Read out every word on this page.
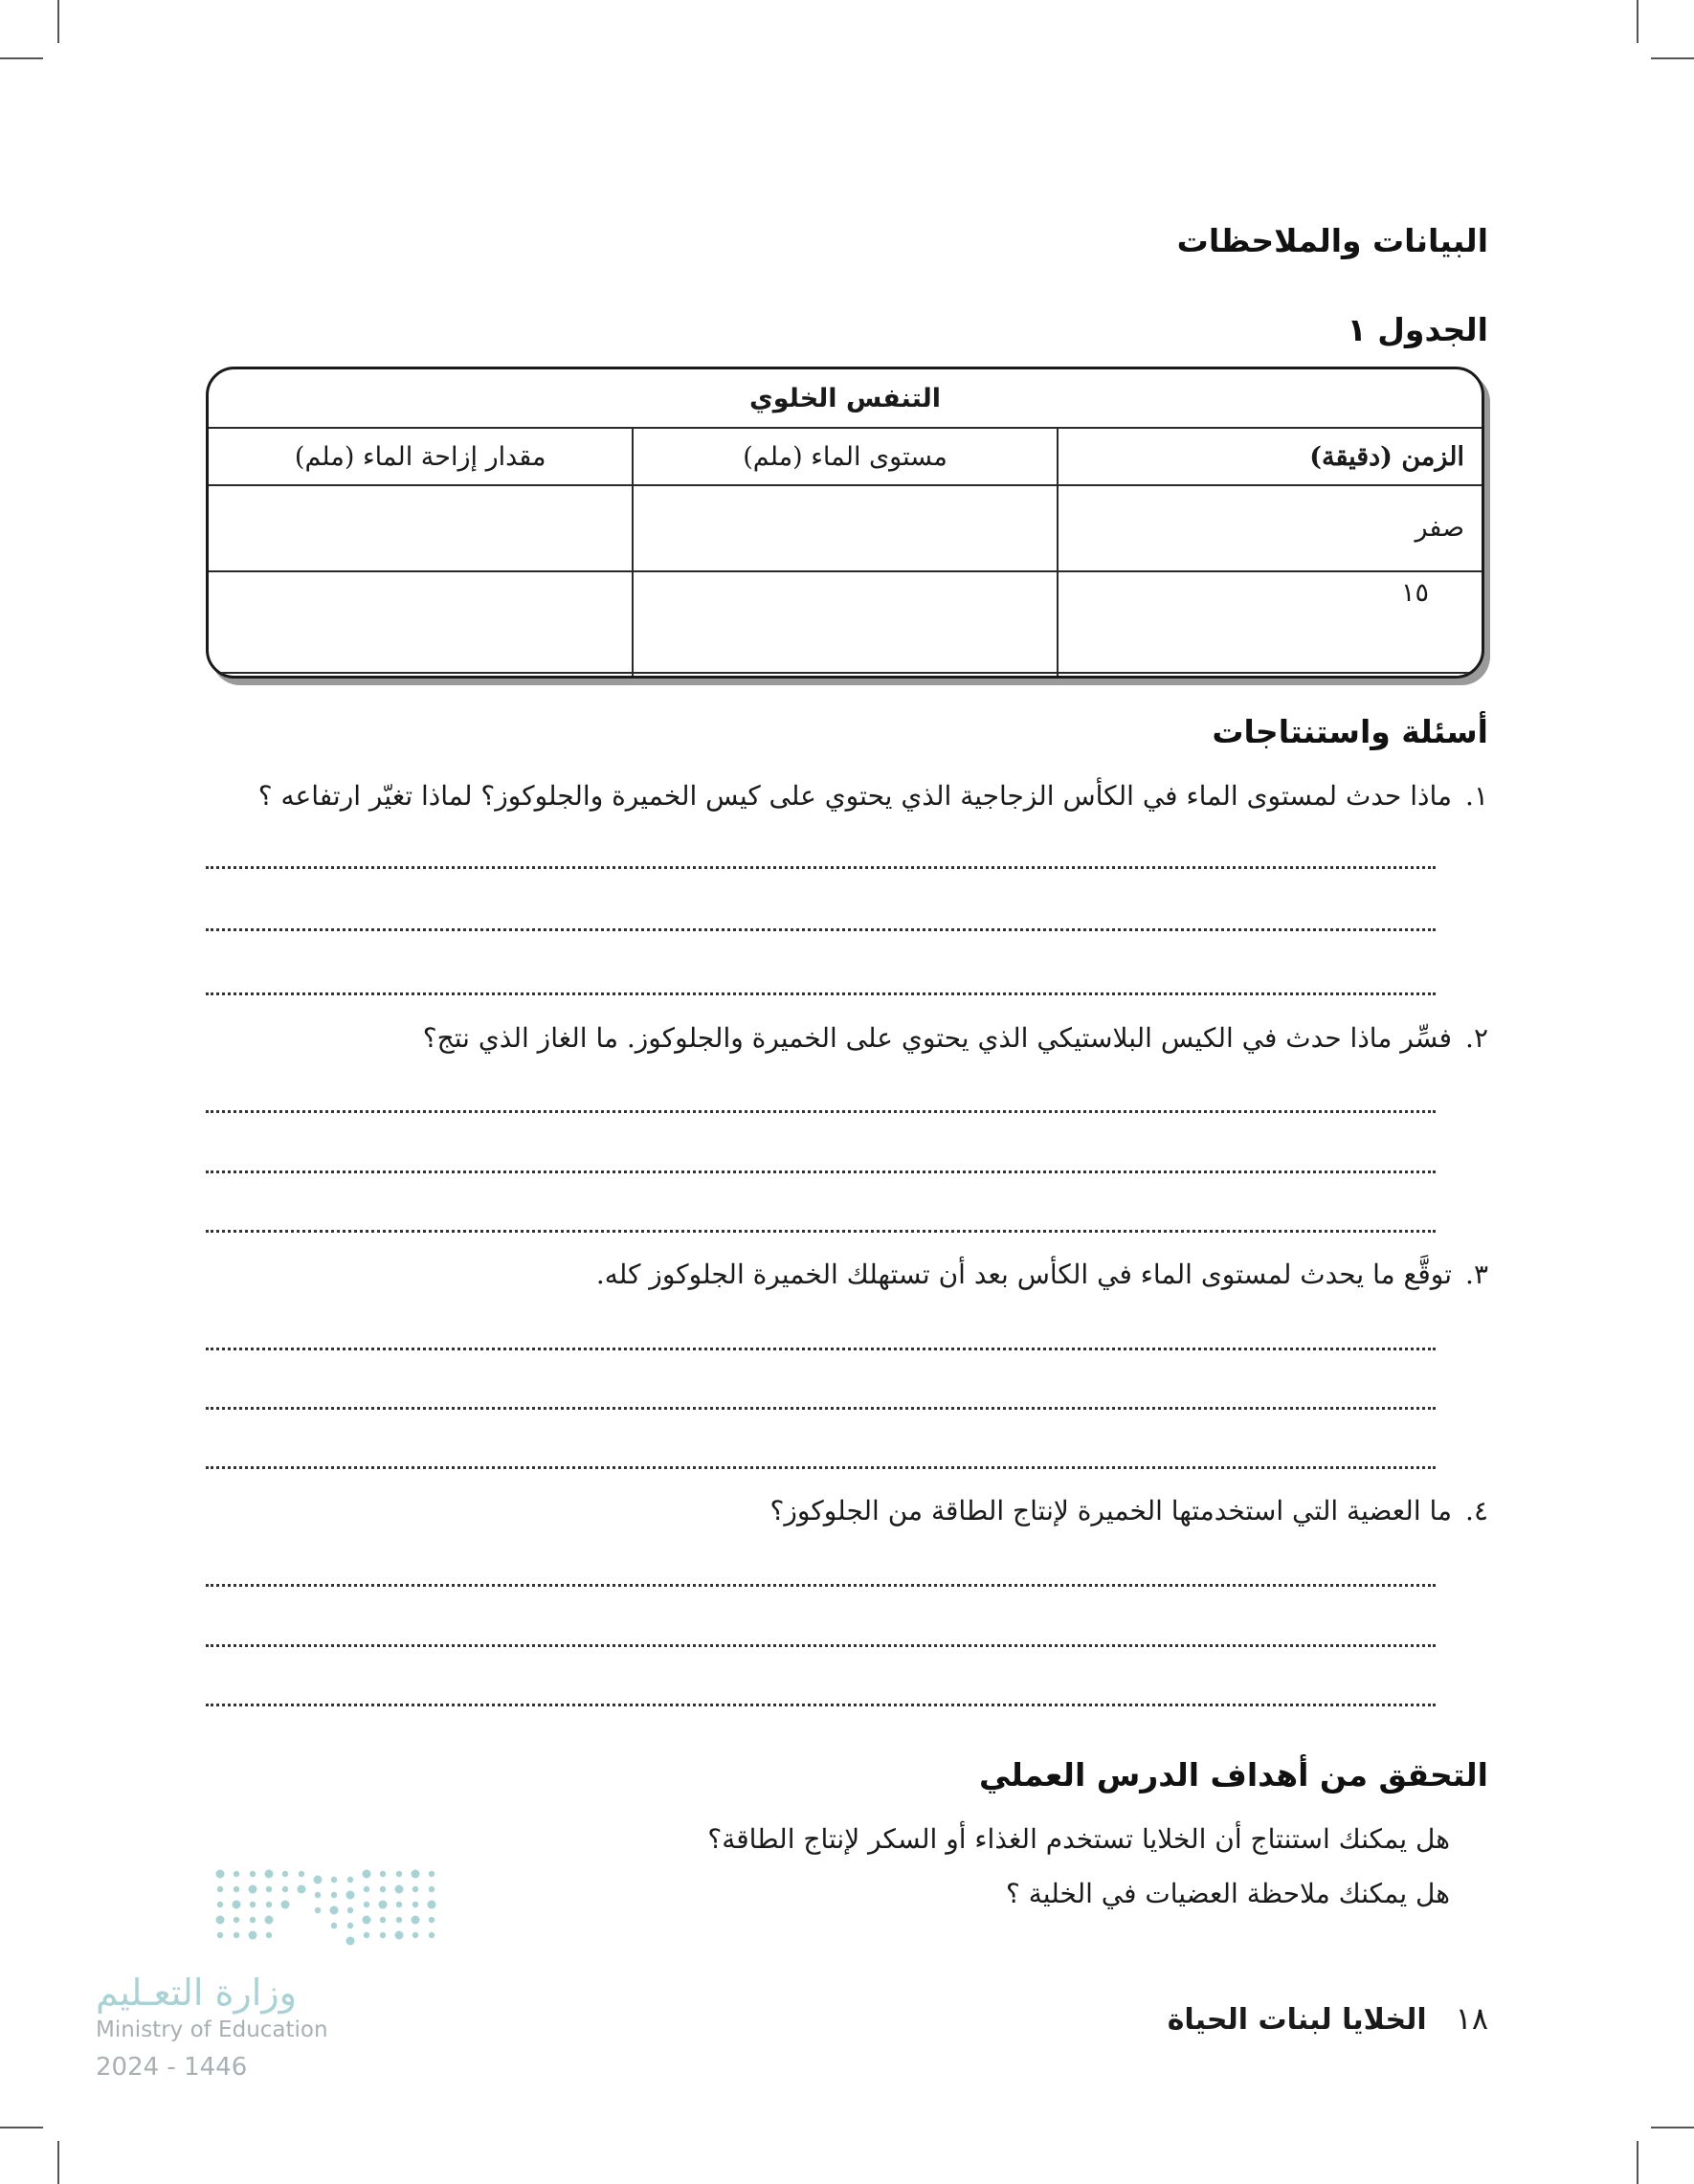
البيانات والملاحظات
الجدول ١
التنفس الخلوي		
الزمن (دقيقة)	مستوى الماء (ملم)	مقدار إزاحة الماء (ملم)
صفر		
١٥		

أسئلة واستنتاجات
١.ماذا حدث لمستوى الماء في الكأس الزجاجية الذي يحتوي على كيس الخميرة والجلوكوز؟ لماذا تغيّر ارتفاعه ؟
٢.فسِّر ماذا حدث في الكيس البلاستيكي الذي يحتوي على الخميرة والجلوكوز. ما الغاز الذي نتج؟
٣.توقَّع ما يحدث لمستوى الماء في الكأس بعد أن تستهلك الخميرة الجلوكوز كله.
٤.ما العضية التي استخدمتها الخميرة لإنتاج الطاقة من الجلوكوز؟
التحقق من أهداف الدرس العملي
هل يمكنك استنتاج أن الخلايا تستخدم الغذاء أو السكر لإنتاج الطاقة؟
هل يمكنك ملاحظة العضيات في الخلية ؟
وزارة التعـليم
Ministry of Education
2024 - 1446
١٨الخلايا لبنات الحياة
